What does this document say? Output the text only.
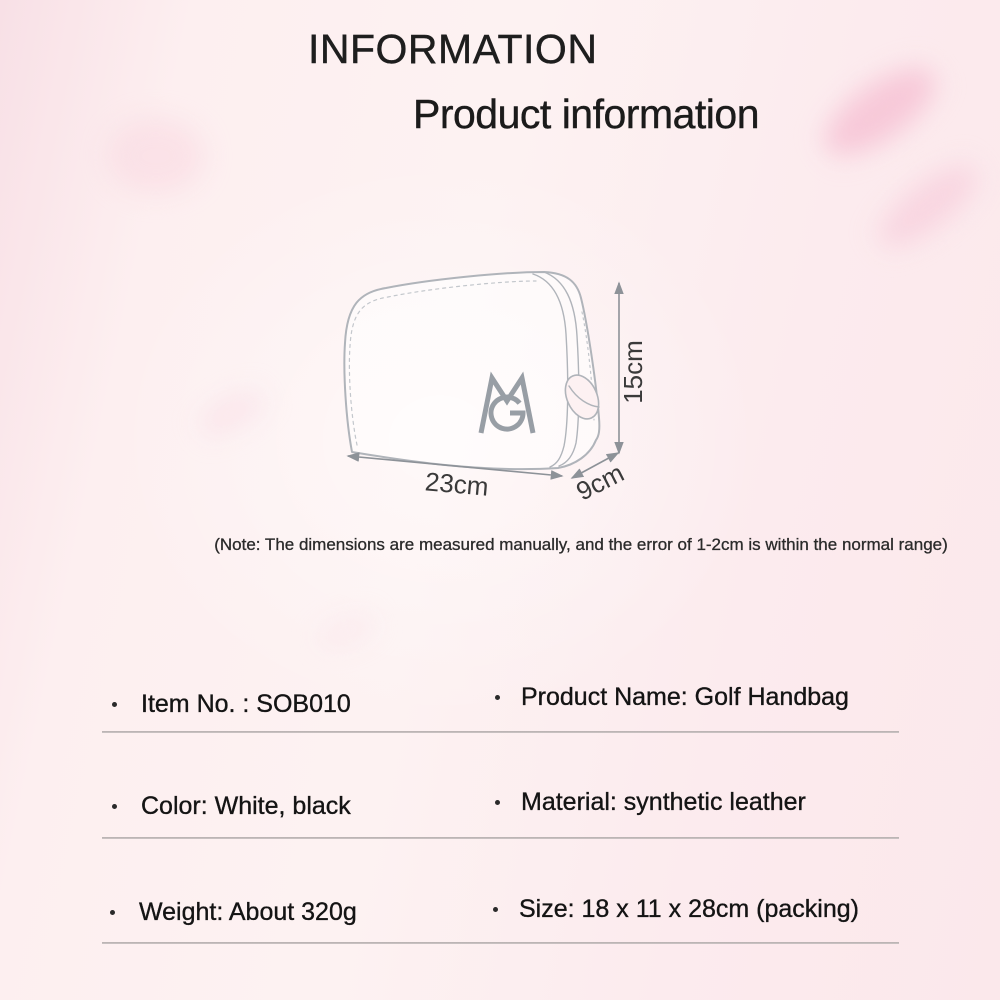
INFORMATION
Product information
15cm
23cm	9cm

(Note: The dimensions are measured manually, and the error of 1-2cm is within the normal range)

Item No. : SOB010	Product Name: Golf Handbag
Color: White, black	Material: synthetic leather
Weight: About 320g	Size: 18 x 11 x 28cm (packing)
